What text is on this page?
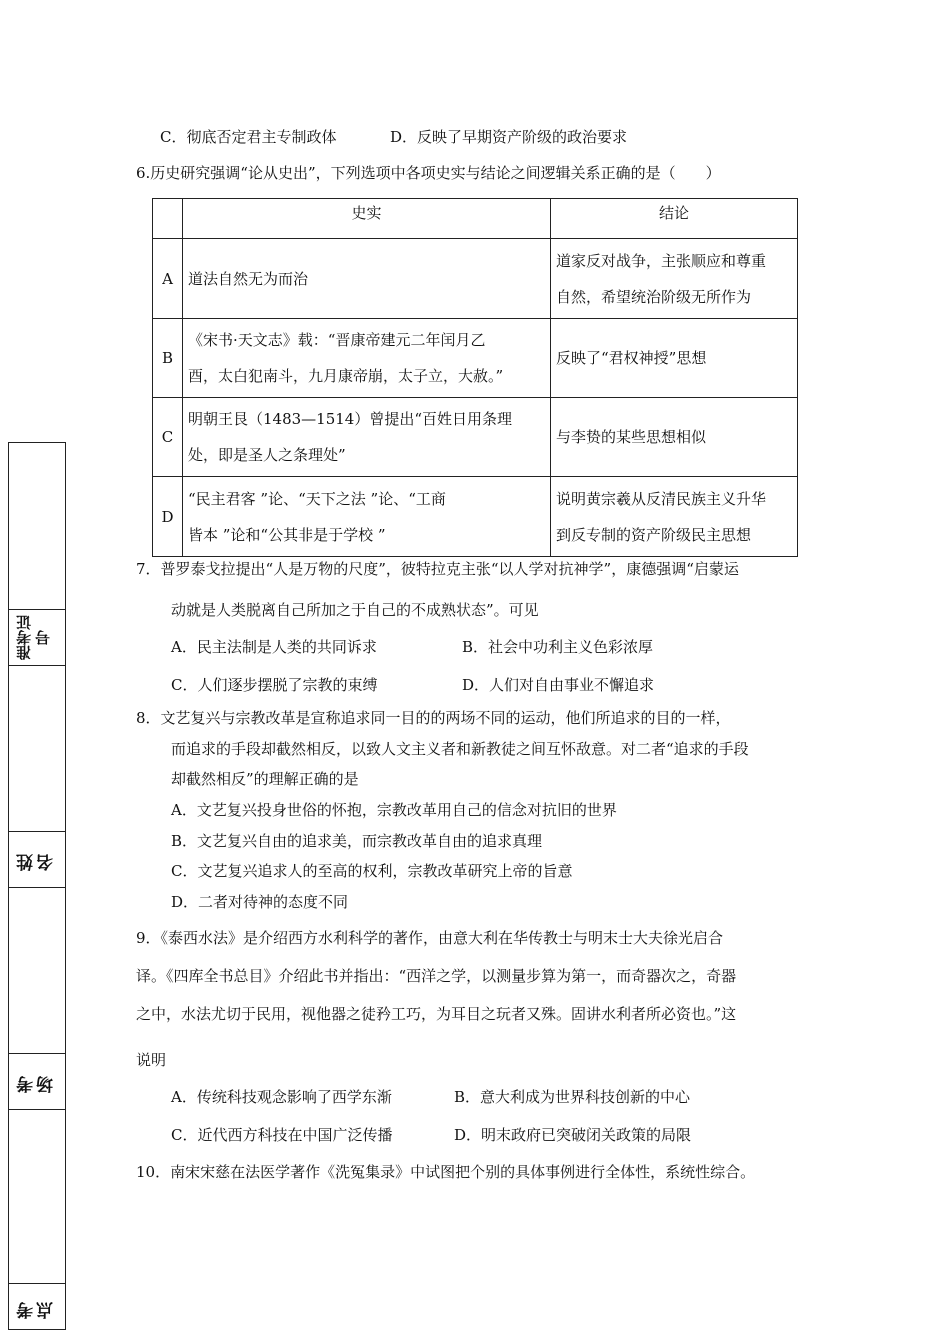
C．彻底否定君主专制政体	D．反映了早期资产阶级的政治要求
6.历史研究强调“论从史出”，下列选项中各项史实与结论之间逻辑关系正确的是（　　）
	史实	结论
A	道法自然无为而治	道家反对战争，主张顺应和尊重
自然，希望统治阶级无所作为

B	《宋书·天文志》载：“晋康帝建元二年闰月乙
酉，太白犯南斗，九月康帝崩，太子立，大赦。”	反映了“君权神授”思想

C	明朝王艮（1483—1514）曾提出“百姓日用条理
处，即是圣人之条理处”	与李贽的某些思想相似

D	“民主君客 ”论、“天下之法 ”论、“工商
皆本 ”论和“公其非是于学校 ”	说明黄宗羲从反清民族主义升华
到反专制的资产阶级民主思想
7．普罗泰戈拉提出“人是万物的尺度”，彼特拉克主张“以人学对抗神学”，康德强调“启蒙运
动就是人类脱离自己所加之于自己的不成熟状态”。可见
A．民主法制是人类的共同诉求	B．社会中功利主义色彩浓厚
C．人们逐步摆脱了宗教的束缚	D．人们对自由事业不懈追求
8．文艺复兴与宗教改革是宣称追求同一目的的两场不同的运动，他们所追求的目的一样，
而追求的手段却截然相反，以致人文主义者和新教徒之间互怀敌意。对二者“追求的手段
却截然相反”的理解正确的是
A．文艺复兴投身世俗的怀抱，宗教改革用自己的信念对抗旧的世界
B．文艺复兴自由的追求美，而宗教改革自由的追求真理
C．文艺复兴追求人的至高的权利，宗教改革研究上帝的旨意
D．二者对待神的态度不同
9．《泰西水法》是介绍西方水利科学的著作，由意大利在华传教士与明末士大夫徐光启合
译。《四库全书总目》介绍此书并指出：“西洋之学，以测量步算为第一，而奇器次之，奇器
之中，水法尤切于民用，视他器之徒矜工巧，为耳目之玩者又殊。固讲水利者所必资也。”这
说明
A．传统科技观念影响了西学东渐	B．意大利成为世界科技创新的中心
C．近代西方科技在中国广泛传播	D．明末政府已突破闭关政策的局限
10．南宋宋慈在法医学著作《洗冤集录》中试图把个别的具体事例进行全体性，系统性综合。
准考证号
姓名
考场
考点
